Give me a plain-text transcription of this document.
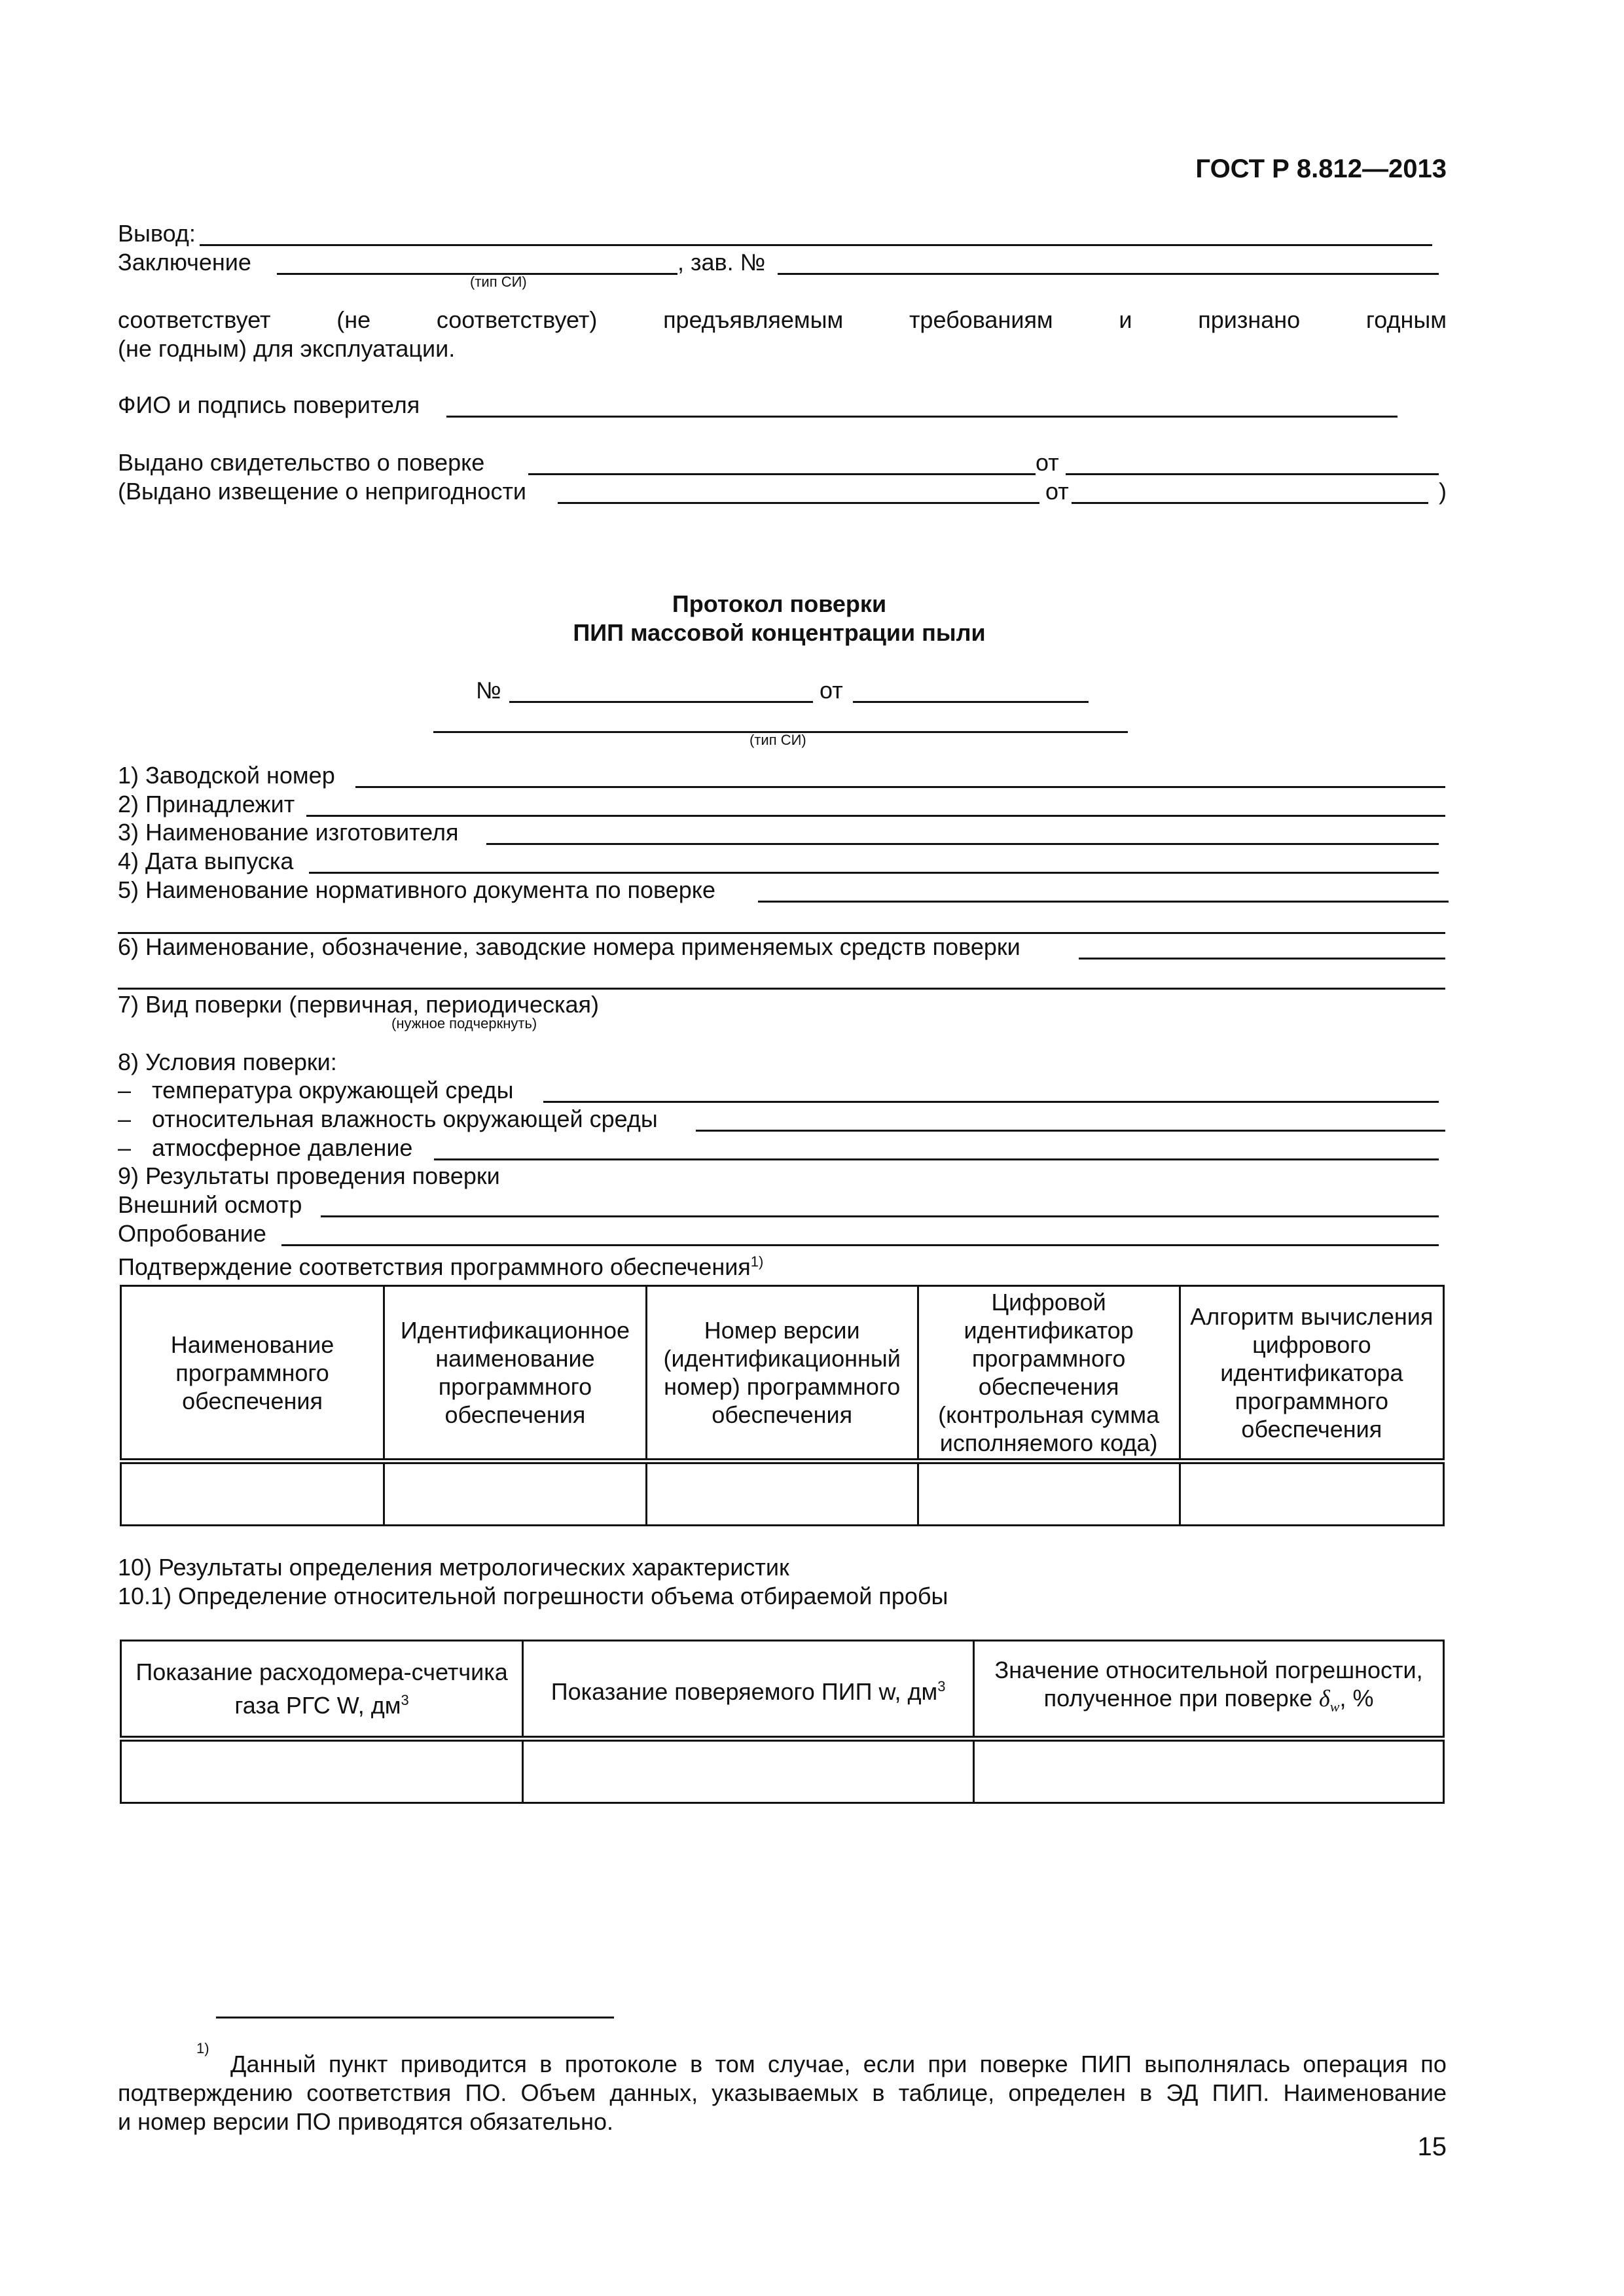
ГОСТ Р 8.812—2013
Вывод:
Заключение	, зав. №
(тип СИ)
соответствует	(не	соответствует)	предъявляемым	требованиям	и	признано	годным
(не годным) для эксплуатации.
ФИО и подпись поверителя
Выдано свидетельство о поверке	от
(Выдано извещение о непригодности	от	)
Протокол поверки
ПИП массовой концентрации пыли
№	от
(тип СИ)
1) Заводской номер
2) Принадлежит
3) Наименование изготовителя
4) Дата выпуска
5) Наименование нормативного документа по поверке
6) Наименование, обозначение, заводские номера применяемых средств поверки
7) Вид поверки (первичная, периодическая)
(нужное подчеркнуть)
8) Условия поверки:
– температура окружающей среды
– относительная влажность окружающей среды
– атмосферное давление
9) Результаты проведения поверки
Внешний осмотр
Опробование
Подтверждение соответствия программного обеспечения$^{1)}$
Наименование программного обеспечения	Идентификационное наименование программного обеспечения	Номер версии (идентификационный номер) программного обеспечения	Цифровой идентификатор программного обеспечения (контрольная сумма исполняемого кода)	Алгоритм вычисления цифрового идентификатора программного обеспечения

10) Результаты определения метрологических характеристик
10.1) Определение относительной погрешности объема отбираемой пробы
Показание расходомера-счетчика газа РГС W, $дм^3$	Показание поверяемого ПИП w, $дм^3$	Значение относительной погрешности, полученное при поверке $\delta_w$, %

1)
Данный пункт приводится в протоколе в том случае, если при поверке ПИП выполнялась операция по
подтверждению соответствия ПО. Объем данных, указываемых в таблице, определен в ЭД ПИП. Наименование
и номер версии ПО приводятся обязательно.
15
